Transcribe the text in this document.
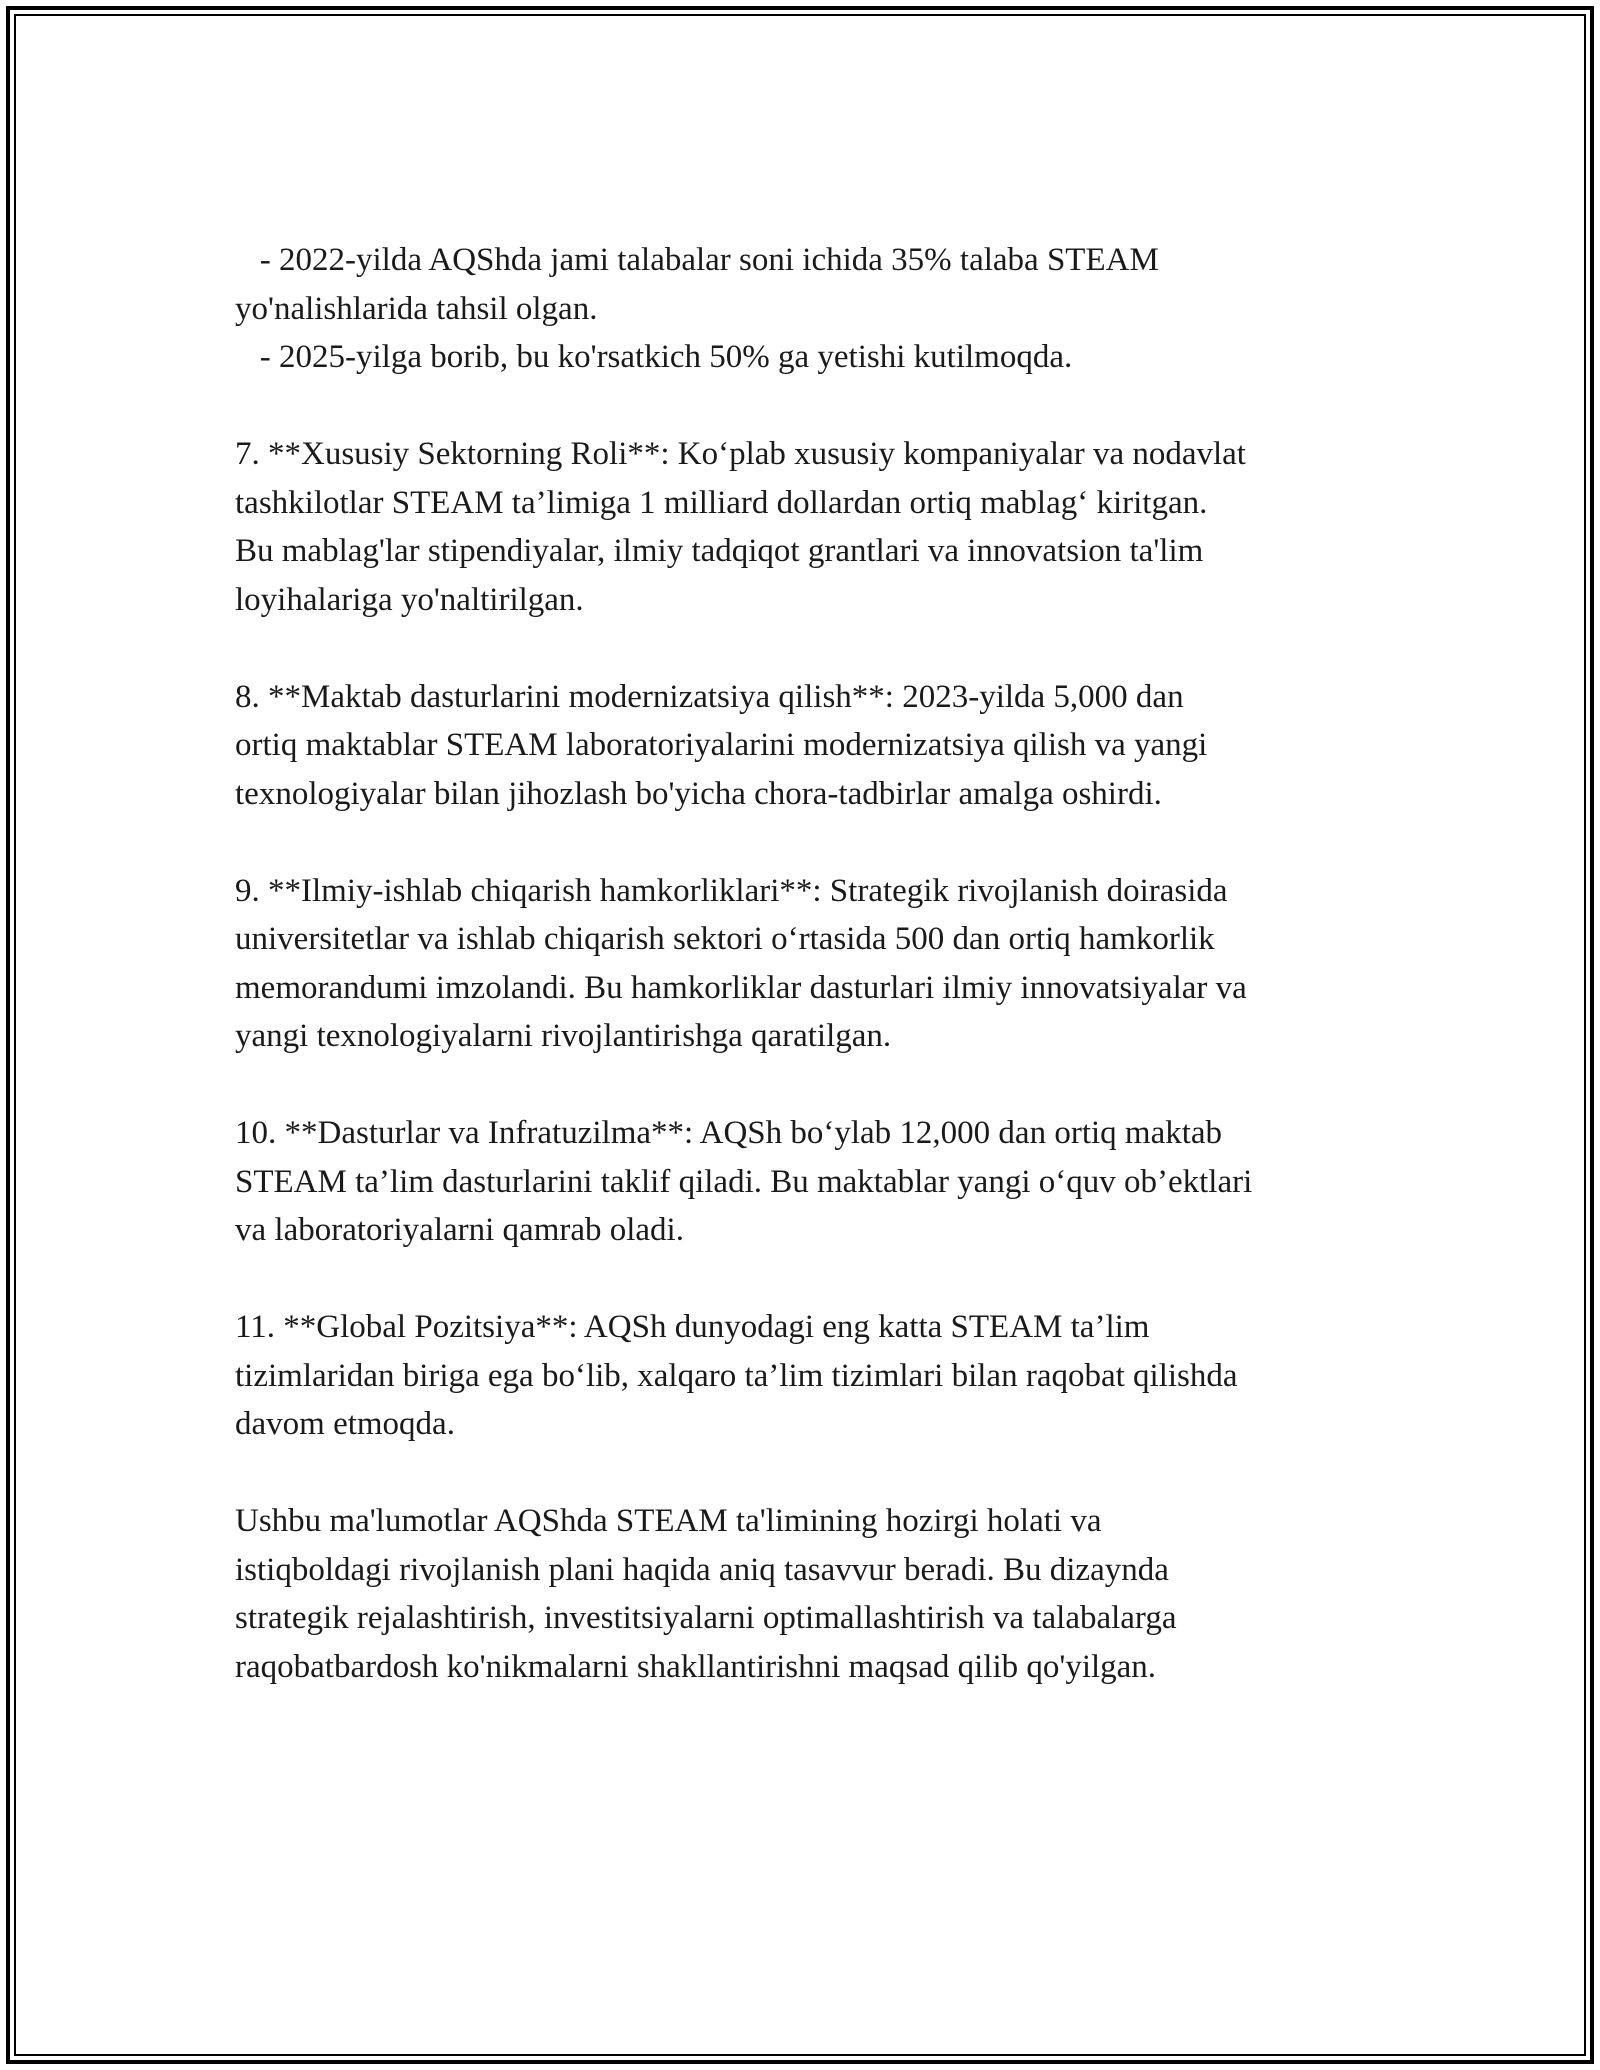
- 2022-yilda AQShda jami talabalar soni ichida 35% talaba STEAM
yo'nalishlarida tahsil olgan.
- 2025-yilga borib, bu ko'rsatkich 50% ga yetishi kutilmoqda.
7. **Xususiy Sektorning Roli**: Ko‘plab xususiy kompaniyalar va nodavlat
tashkilotlar STEAM ta’limiga 1 milliard dollardan ortiq mablag‘ kiritgan.
Bu mablag'lar stipendiyalar, ilmiy tadqiqot grantlari va innovatsion ta'lim
loyihalariga yo'naltirilgan.
8. **Maktab dasturlarini modernizatsiya qilish**: 2023-yilda 5,000 dan
ortiq maktablar STEAM laboratoriyalarini modernizatsiya qilish va yangi
texnologiyalar bilan jihozlash bo'yicha chora-tadbirlar amalga oshirdi.
9. **Ilmiy-ishlab chiqarish hamkorliklari**: Strategik rivojlanish doirasida
universitetlar va ishlab chiqarish sektori o‘rtasida 500 dan ortiq hamkorlik
memorandumi imzolandi. Bu hamkorliklar dasturlari ilmiy innovatsiyalar va
yangi texnologiyalarni rivojlantirishga qaratilgan.
10. **Dasturlar va Infratuzilma**: AQSh bo‘ylab 12,000 dan ortiq maktab
STEAM ta’lim dasturlarini taklif qiladi. Bu maktablar yangi o‘quv ob’ektlari
va laboratoriyalarni qamrab oladi.
11. **Global Pozitsiya**: AQSh dunyodagi eng katta STEAM ta’lim
tizimlaridan biriga ega bo‘lib, xalqaro ta’lim tizimlari bilan raqobat qilishda
davom etmoqda.
Ushbu ma'lumotlar AQShda STEAM ta'limining hozirgi holati va
istiqboldagi rivojlanish plani haqida aniq tasavvur beradi. Bu dizaynda
strategik rejalashtirish, investitsiyalarni optimallashtirish va talabalarga
raqobatbardosh ko'nikmalarni shakllantirishni maqsad qilib qo'yilgan.
